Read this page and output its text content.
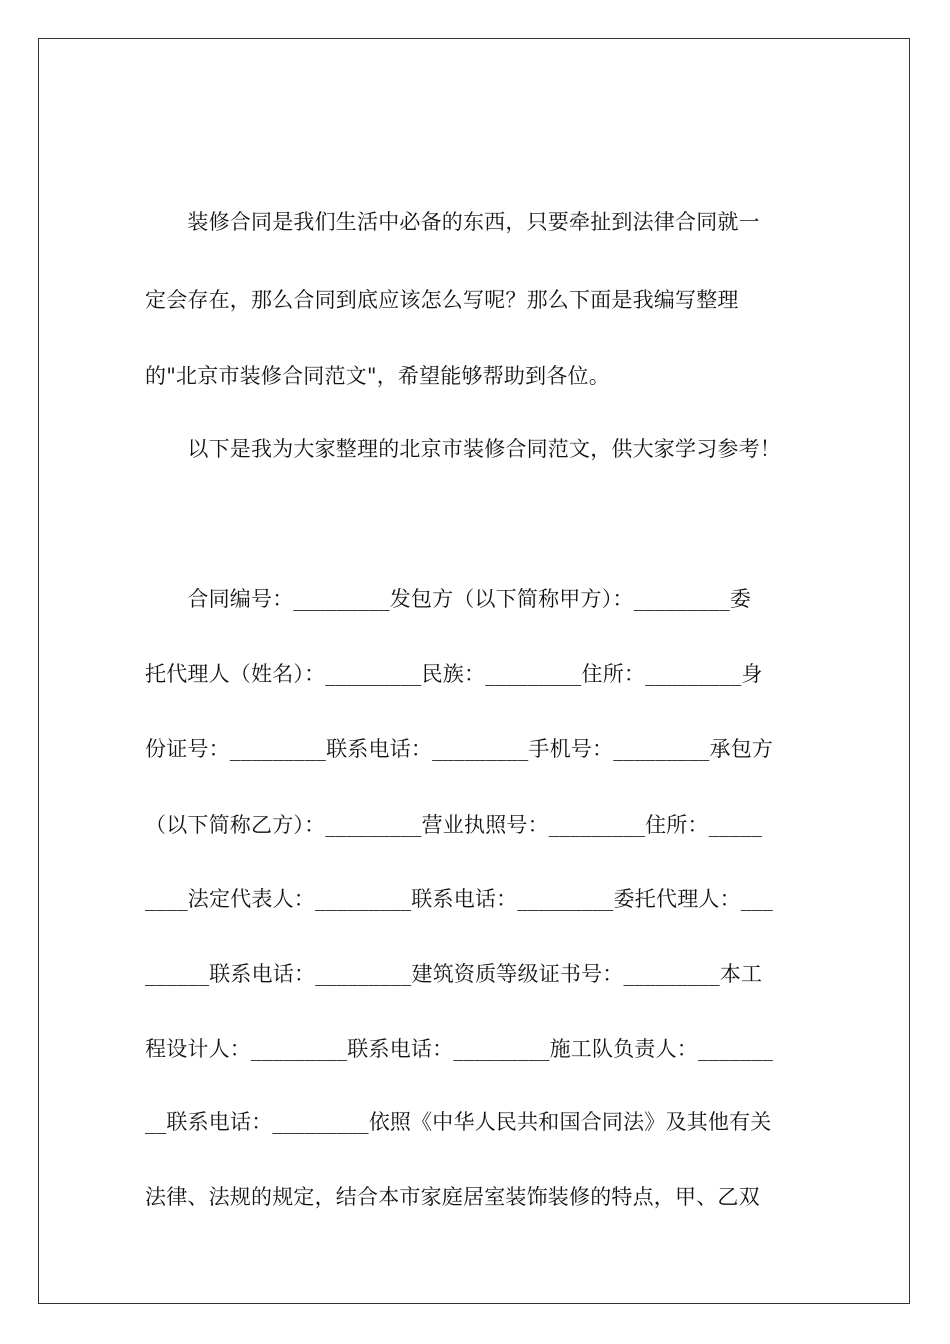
　　装修合同是我们生活中必备的东西，只要牵扯到法律合同就一
定会存在，那么合同到底应该怎么写呢？那么下面是我编写整理
的"北京市装修合同范文"，希望能够帮助到各位。
　　以下是我为大家整理的北京市装修合同范文，供大家学习参考！
　　合同编号：_________发包方（以下简称甲方）：_________委
托代理人（姓名）：_________民族：_________住所：_________身
份证号：_________联系电话：_________手机号：_________承包方
（以下简称乙方）：_________营业执照号：_________住所：_____
____法定代表人：_________联系电话：_________委托代理人：___
______联系电话：_________建筑资质等级证书号：_________本工
程设计人：_________联系电话：_________施工队负责人：_______
__联系电话：_________依照《中华人民共和国合同法》及其他有关
法律、法规的规定，结合本市家庭居室装饰装修的特点，甲、乙双
